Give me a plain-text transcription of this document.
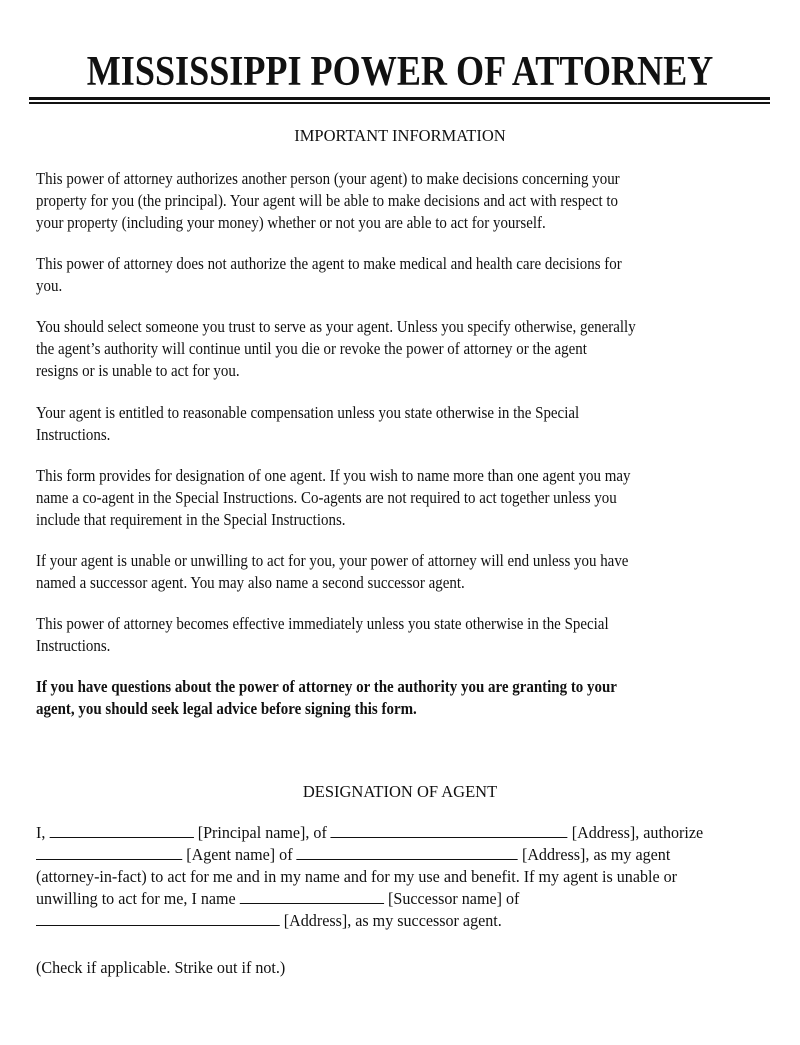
MISSISSIPPI POWER OF ATTORNEY
IMPORTANT INFORMATION
This power of attorney authorizes another person (your agent) to make decisions concerning your
property for you (the principal). Your agent will be able to make decisions and act with respect to
your property (including your money) whether or not you are able to act for yourself.
This power of attorney does not authorize the agent to make medical and health care decisions for
you.
You should select someone you trust to serve as your agent. Unless you specify otherwise, generally
the agent’s authority will continue until you die or revoke the power of attorney or the agent
resigns or is unable to act for you.
Your agent is entitled to reasonable compensation unless you state otherwise in the Special
Instructions.
This form provides for designation of one agent. If you wish to name more than one agent you may
name a co-agent in the Special Instructions. Co-agents are not required to act together unless you
include that requirement in the Special Instructions.
If your agent is unable or unwilling to act for you, your power of attorney will end unless you have
named a successor agent. You may also name a second successor agent.
This power of attorney becomes effective immediately unless you state otherwise in the Special
Instructions.
If you have questions about the power of attorney or the authority you are granting to your
agent, you should seek legal advice before signing this form.
DESIGNATION OF AGENT
I,	[Principal name], of	[Address], authorize
[Agent name] of	[Address], as my agent
(attorney-in-fact) to act for me and in my name and for my use and benefit. If my agent is unable or
unwilling to act for me, I name	[Successor name] of
[Address], as my successor agent.
(Check if applicable. Strike out if not.)
